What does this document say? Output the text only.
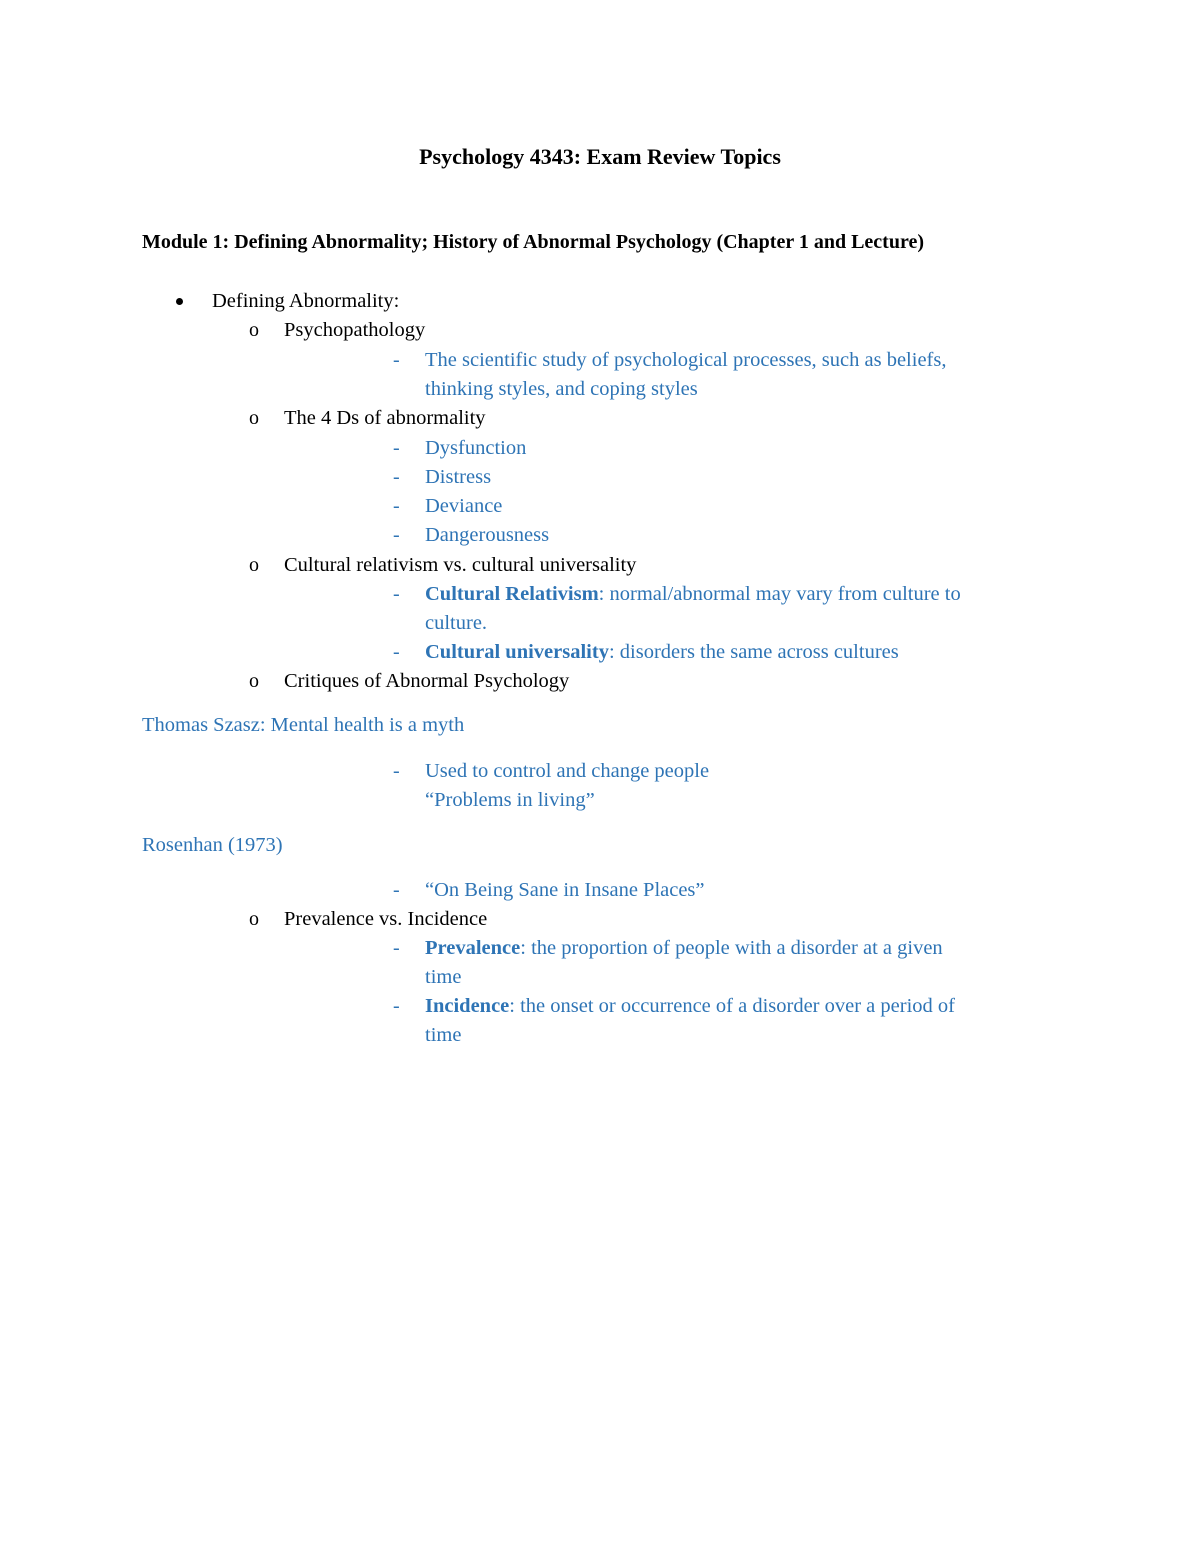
Psychology 4343: Exam Review Topics
Module 1: Defining Abnormality; History of Abnormal Psychology (Chapter 1 and Lecture)
Defining Abnormality:
o Psychopathology
- The scientific study of psychological processes, such as beliefs,
thinking styles, and coping styles
o The 4 Ds of abnormality
- Dysfunction
- Distress
- Deviance
- Dangerousness
o Cultural relativism vs. cultural universality
- Cultural Relativism: normal/abnormal may vary from culture to
culture.
- Cultural universality: disorders the same across cultures
o Critiques of Abnormal Psychology
Thomas Szasz: Mental health is a myth
- Used to control and change people
“Problems in living”
Rosenhan (1973)
- “On Being Sane in Insane Places”
o Prevalence vs. Incidence
- Prevalence: the proportion of people with a disorder at a given
time
- Incidence: the onset or occurrence of a disorder over a period of
time
